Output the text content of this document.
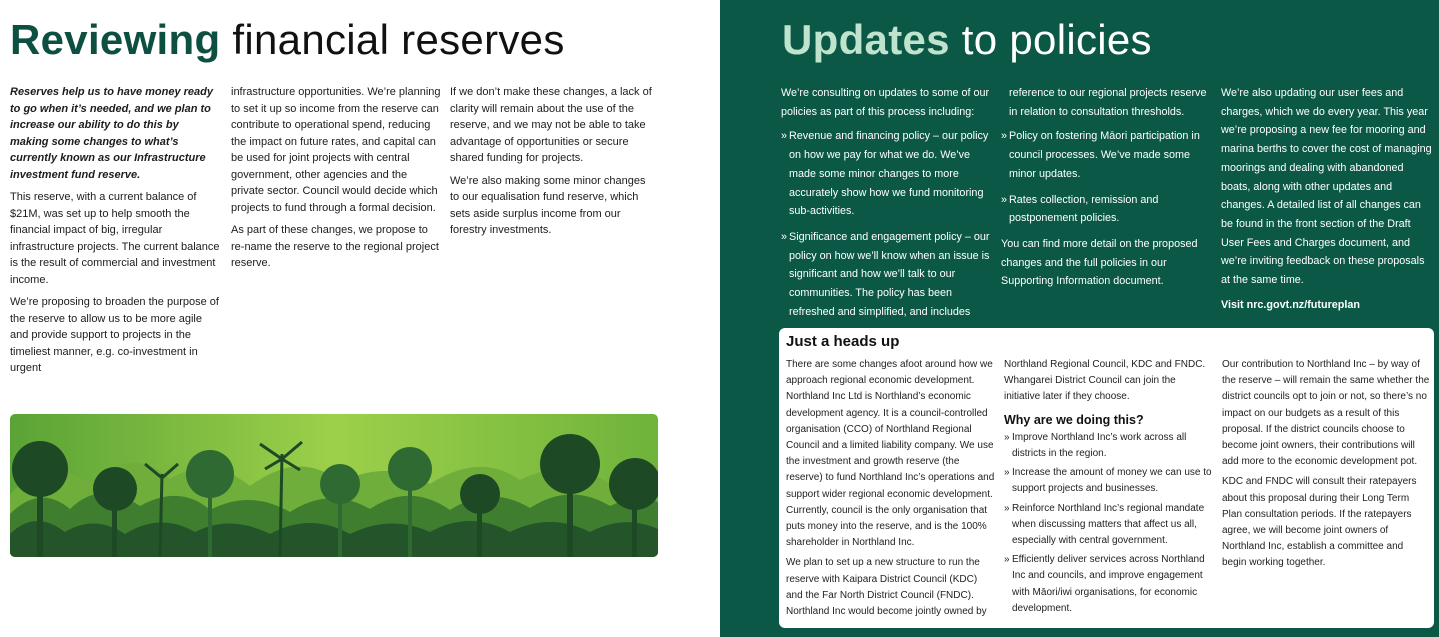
Reviewing financial reserves

Reserves help us to have money ready to go when it’s needed, and we plan to increase our ability to do this by making some changes to what’s currently known as our Infrastructure investment fund reserve.

This reserve, with a current balance of $21M, was set up to help smooth the financial impact of big, irregular infrastructure projects. The current balance is the result of commercial and investment income.

We’re proposing to broaden the purpose of the reserve to allow us to be more agile and provide support to projects in the timeliest manner, e.g. co-investment in urgent

infrastructure opportunities. We’re planning to set it up so income from the reserve can contribute to operational spend, reducing the impact on future rates, and capital can be used for joint projects with central government, other agencies and the private sector. Council would decide which projects to fund through a formal decision.

As part of these changes, we propose to re-name the reserve to the regional project reserve.

If we don’t make these changes, a lack of clarity will remain about the use of the reserve, and we may not be able to take advantage of opportunities or secure shared funding for projects.

We’re also making some minor changes to our equalisation fund reserve, which sets aside surplus income from our forestry investments.

Updates to policies

We’re consulting on updates to some of our policies as part of this process including:

» Revenue and financing policy – our policy on how we pay for what we do. We’ve made some minor changes to more accurately show how we fund monitoring sub-activities.
» Significance and engagement policy – our policy on how we’ll know when an issue is significant and how we’ll talk to our communities. The policy has been refreshed and simplified, and includes

reference to our regional projects reserve in relation to consultation thresholds.

» Policy on fostering Māori participation in council processes. We’ve made some minor updates.
» Rates collection, remission and postponement policies.

You can find more detail on the proposed changes and the full policies in our Supporting Information document.

We’re also updating our user fees and charges, which we do every year. This year we’re proposing a new fee for mooring and marina berths to cover the cost of managing moorings and dealing with abandoned boats, along with other updates and changes. A detailed list of all changes can be found in the front section of the Draft User Fees and Charges document, and we’re inviting feedback on these proposals at the same time.

Visit nrc.govt.nz/futureplan

Just a heads up

There are some changes afoot around how we approach regional economic development. Northland Inc Ltd is Northland’s economic development agency. It is a council-controlled organisation (CCO) of Northland Regional Council and a limited liability company. We use the investment and growth reserve (the reserve) to fund Northland Inc’s operations and support wider regional economic development. Currently, council is the only organisation that puts money into the reserve, and is the 100% shareholder in Northland Inc.

We plan to set up a new structure to run the reserve with Kaipara District Council (KDC) and the Far North District Council (FNDC). Northland Inc would become jointly owned by

Northland Regional Council, KDC and FNDC. Whangarei District Council can join the initiative later if they choose.

Why are we doing this?
» Improve Northland Inc’s work across all districts in the region.
» Increase the amount of money we can use to support projects and businesses.
» Reinforce Northland Inc’s regional mandate when discussing matters that affect us all, especially with central government.
» Efficiently deliver services across Northland Inc and councils, and improve engagement with Māori/iwi organisations, for economic development.

Our contribution to Northland Inc – by way of the reserve – will remain the same whether the district councils opt to join or not, so there’s no impact on our budgets as a result of this proposal. If the district councils choose to become joint owners, their contributions will add more to the economic development pot.

KDC and FNDC will consult their ratepayers about this proposal during their Long Term Plan consultation periods. If the ratepayers agree, we will become joint owners of Northland Inc, establish a committee and begin working together.
